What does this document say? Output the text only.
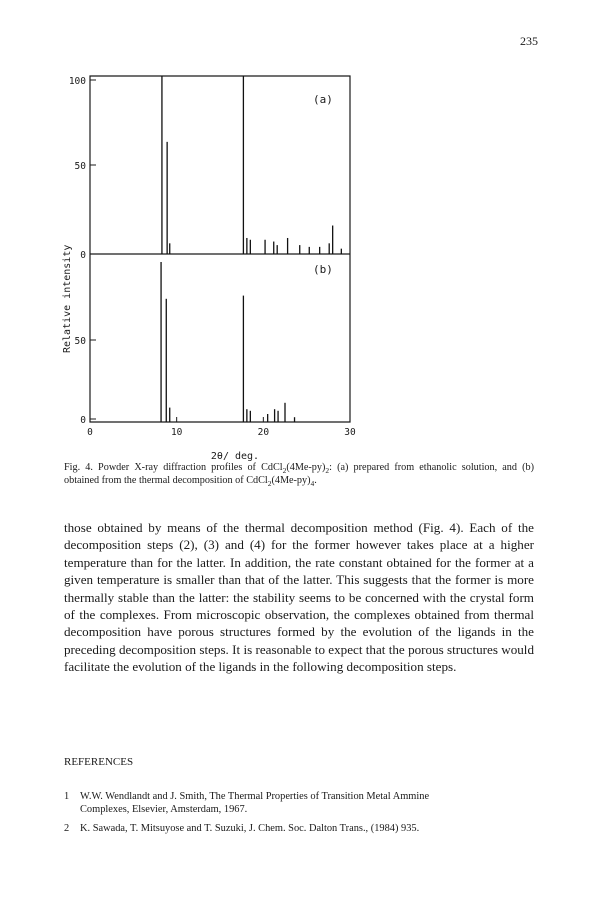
235
100
50
0
50
0
0	10	20	30
(a)
(b)
Relative intensity
2θ/ deg.
Fig. 4. Powder X-ray diffraction profiles of $CdCl_2(4Me-py)_2$: (a) prepared from ethanolic solution, and (b) obtained from the thermal decomposition of $CdCl_2(4Me-py)_4$.

those obtained by means of the thermal decomposition method (Fig. 4). Each of the decomposition steps (2), (3) and (4) for the former however takes place at a higher temperature than for the latter. In addition, the rate constant obtained for the former at a given temperature is smaller than that of the latter. This suggests that the former is more thermally stable than the latter: the stability seems to be concerned with the crystal form of the complexes. From microscopic observation, the complexes obtained from thermal decomposition have porous structures formed by the evolution of the ligands in the preceding decomposition steps. It is reasonable to expect that the porous structures would facilitate the evolution of the ligands in the following decomposition steps.

REFERENCES
1 W.W. Wendlandt and J. Smith, The Thermal Properties of Transition Metal Ammine
Complexes, Elsevier, Amsterdam, 1967.
2 K. Sawada, T. Mitsuyose and T. Suzuki, J. Chem. Soc. Dalton Trans., (1984) 935.
